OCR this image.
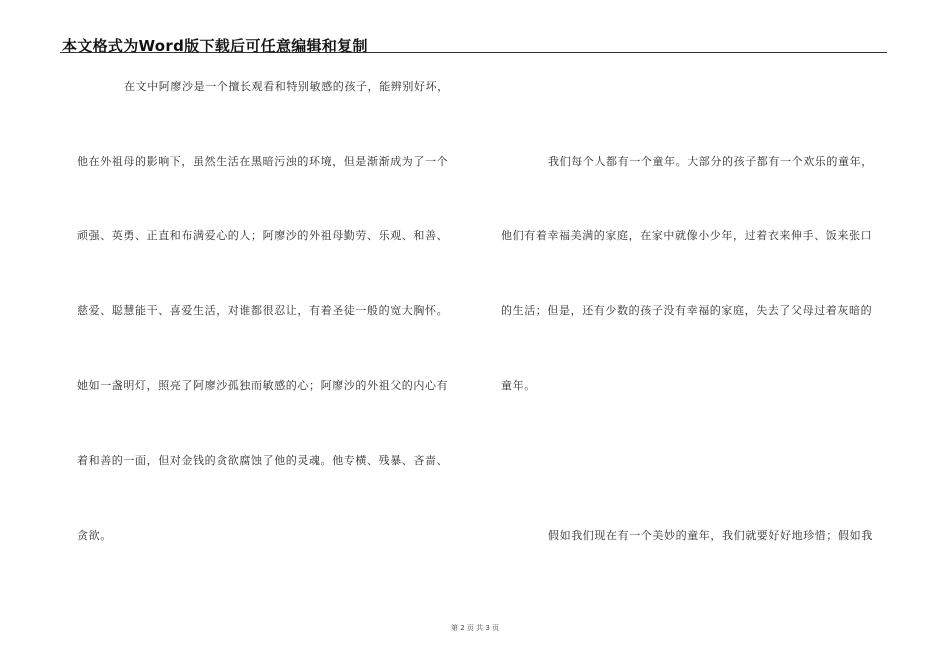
本文格式为Word版下载后可任意编辑和复制
在文中阿廖沙是一个擅长观看和特别敏感的孩子，能辨别好坏，
他在外祖母的影响下，虽然生活在黑暗污浊的环境，但是渐渐成为了一个
顽强、英勇、正直和布满爱心的人；阿廖沙的外祖母勤劳、乐观、和善、
慈爱、聪慧能干、喜爱生活，对谁都很忍让，有着圣徒一般的宽大胸怀。
她如一盏明灯，照亮了阿廖沙孤独而敏感的心；阿廖沙的外祖父的内心有
着和善的一面，但对金钱的贪欲腐蚀了他的灵魂。他专横、残暴、吝啬、
贪欲。
我们每个人都有一个童年。大部分的孩子都有一个欢乐的童年，
他们有着幸福美满的家庭，在家中就像小少年，过着衣来伸手、饭来张口
的生活；但是，还有少数的孩子没有幸福的家庭，失去了父母过着灰暗的
童年。
假如我们现在有一个美妙的童年，我们就要好好地珍惜；假如我
第 2 页 共 3 页
